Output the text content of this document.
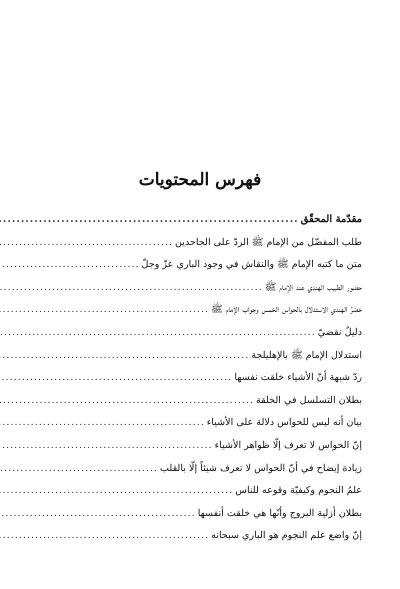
فهرس المحتويات
مقدّمة المحقّق
.....
طلب المفضّل من الإمام ﷺ الردّ على الجاحدين
.....
متن ما كتبه الإمام ﷺ والنقاش في وجود الباري عزّ وجلّ
.....
حضور الطبيب الهندي عند الإمام ﷺ
.....
حَصْرُ الهندي الاستدلال بالحواس الخمس وجواب الإمام ﷺ
.....
دليلٌ نقضيّ
.....
استدلال الإمام ﷺ بالإهليلجة
.....
ردّ شبهة أنّ الأشياء خلقت نفسها
.....
بطلان التسلسل في الخلقة
.....
بيان أنه ليس للحواس دلالة على الأشياء
.....
إنّ الحواس لا تعرف إلّا ظواهر الأشياء
.....
زيادة إيضاح في أنّ الحواس لا تعرف شيئاً إلّا بالقلب
.....
علمُ النجوم وكيفيّة وقوعه للناس
.....
بطلان أزلية البروج وأنّها هي خلقت أنفسها
.....
إنّ واضع علم النجوم هو الباري سبحانه
.....
